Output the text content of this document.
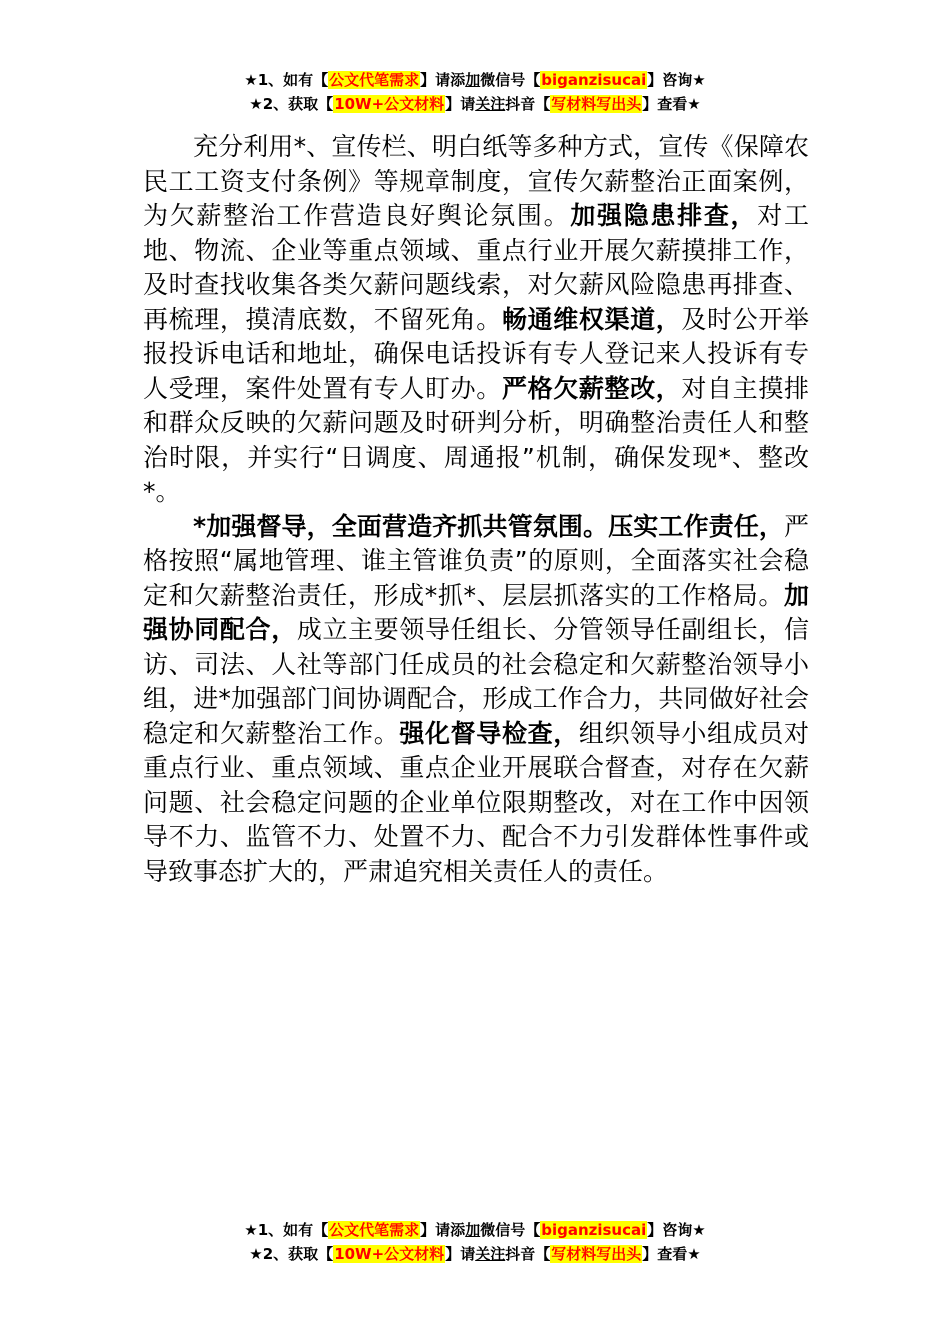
★1、如有【公文代笔需求】请添加微信号【biganzisucai】咨询★
★2、获取【10W+公文材料】请关注抖音【写材料写出头】查看★

充分利用*、宣传栏、明白纸等多种方式，宣传《保障农民工工资支付条例》等规章制度，宣传欠薪整治正面案例，为欠薪整治工作营造良好舆论氛围。加强隐患排查，对工地、物流、企业等重点领域、重点行业开展欠薪摸排工作，及时查找收集各类欠薪问题线索，对欠薪风险隐患再排查、再梳理，摸清底数，不留死角。畅通维权渠道，及时公开举报投诉电话和地址，确保电话投诉有专人登记来人投诉有专人受理，案件处置有专人盯办。严格欠薪整改，对自主摸排和群众反映的欠薪问题及时研判分析，明确整治责任人和整治时限，并实行“日调度、周通报”机制，确保发现*、整改*。

*加强督导，全面营造齐抓共管氛围。压实工作责任，严格按照“属地管理、谁主管谁负责”的原则，全面落实社会稳定和欠薪整治责任，形成*抓*、层层抓落实的工作格局。加强协同配合，成立主要领导任组长、分管领导任副组长，信访、司法、人社等部门任成员的社会稳定和欠薪整治领导小组，进*加强部门间协调配合，形成工作合力，共同做好社会稳定和欠薪整治工作。强化督导检查，组织领导小组成员对重点行业、重点领域、重点企业开展联合督查，对存在欠薪问题、社会稳定问题的企业单位限期整改，对在工作中因领导不力、监管不力、处置不力、配合不力引发群体性事件或导致事态扩大的，严肃追究相关责任人的责任。

★1、如有【公文代笔需求】请添加微信号【biganzisucai】咨询★
★2、获取【10W+公文材料】请关注抖音【写材料写出头】查看★
